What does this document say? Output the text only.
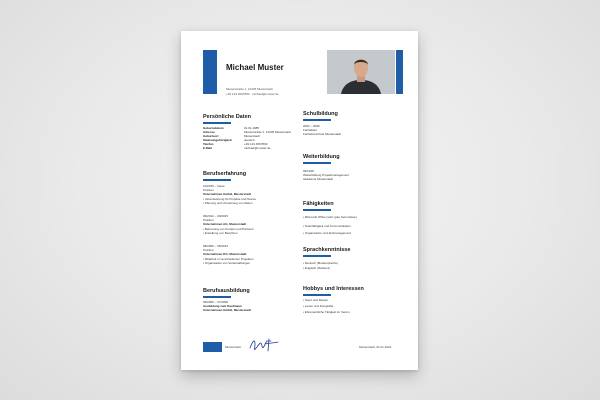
Michael Muster
Musterstraße 1, 12345 Musterstadt
+49 123 4567890 · michael@muster.de
Persönliche Daten
Geburtsdatum	01.01.1985
Adresse	Musterstraße 1, 12345 Musterstadt
Geburtsort	Musterstadt
Staatsangehörigkeit	deutsch
Telefon	+49 123 4567890
E-Mail	michael@muster.de
Berufserfahrung
10/2015 – heute
Position
Unternehmen GmbH, Musterstadt
• Verantwortung für Projekte und Teams
• Planung und Umsetzung von Zielen
06/2012 – 09/2015
Position
Unternehmen AG, Musterstadt
• Betreuung von Kunden und Partnern
• Erstellung von Berichten
08/2009 – 05/2012
Position
Unternehmen KG, Musterstadt
• Mitarbeit in verschiedenen Projekten
• Organisation von Veranstaltungen
Berufsausbildung
09/2006 – 07/2009
Ausbildung zum Kaufmann
Unternehmen GmbH, Musterstadt
Schulbildung
2002 – 2006
Fachabitur
Fachoberschule Musterstadt
Weiterbildung
03/2018
Weiterbildung Projektmanagement
Akademie Musterstadt
Fähigkeiten
• Microsoft Office (sehr gute Kenntnisse)
• Teamfähigkeit und Kommunikation
• Organisation und Zeitmanagement
Sprachkenntnisse
• Deutsch (Muttersprache)
• Englisch (fließend)
Hobbys und Interessen
• Sport und Reisen
• Lesen und Fotografie
• Ehrenamtliche Tätigkeit im Verein
Musterstadt	Musterstadt, 01.01.2024
